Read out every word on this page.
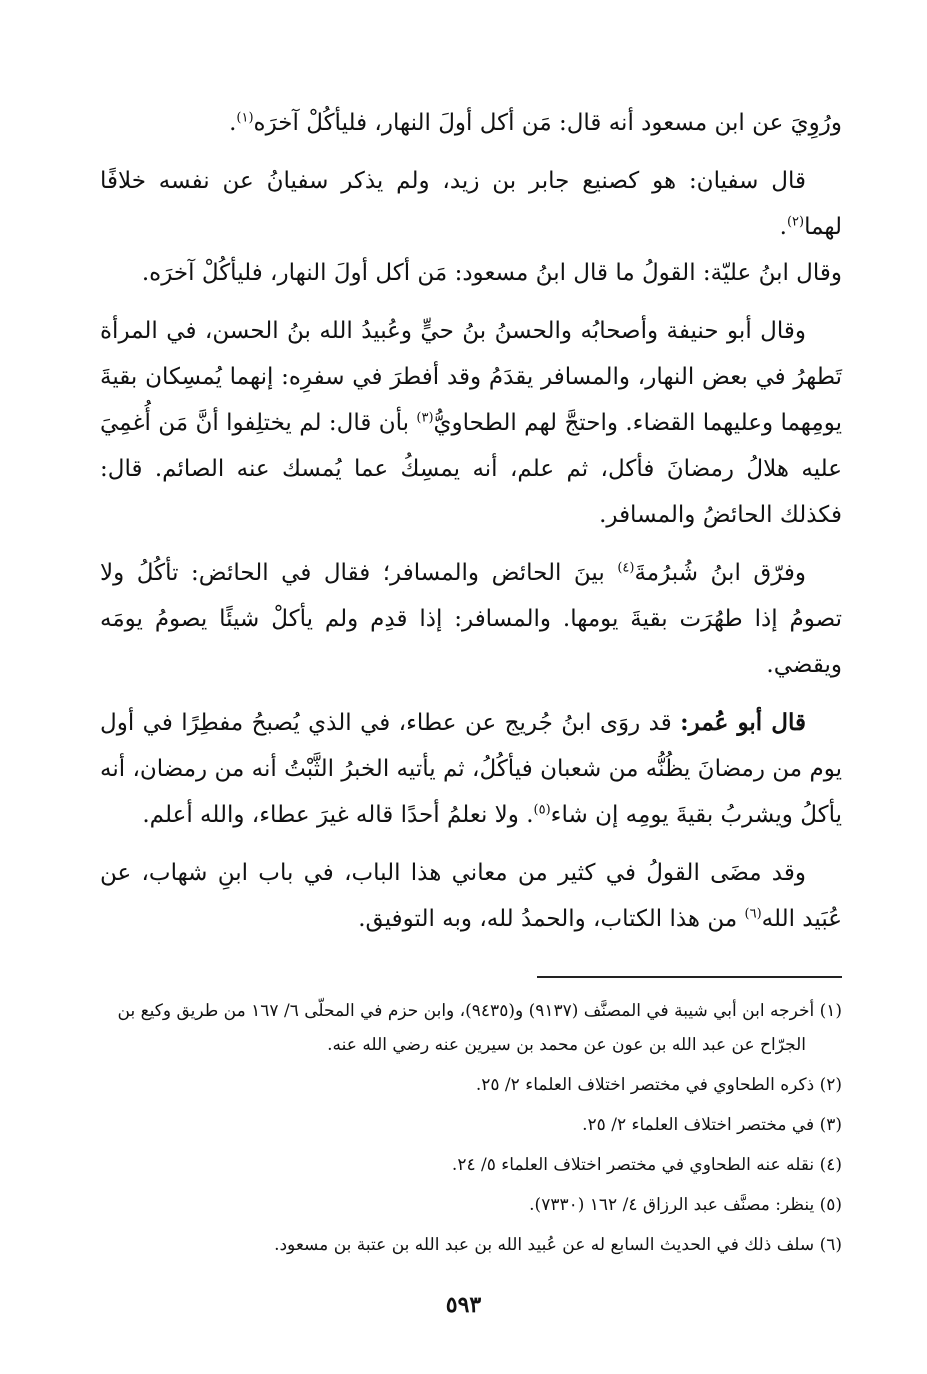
ورُوِيَ عن ابن مسعود أنه قال: مَن أكل أولَ النهار، فليأكُلْ آخرَه$^{(١)}$.

قال سفيان: هو كصنيع جابر بن زيد، ولم يذكر سفيانُ عن نفسه خلافًا لهما$^{(٢)}$.

وقال ابنُ عليّة: القولُ ما قال ابنُ مسعود: مَن أكل أولَ النهار، فليأكُلْ آخرَه.

وقال أبو حنيفة وأصحابُه والحسنُ بنُ حيٍّ وعُبيدُ الله بنُ الحسن، في المرأة تَطهرُ في بعض النهار، والمسافر يقدَمُ وقد أفطرَ في سفرِه: إنهما يُمسِكان بقيةَ يومِهما وعليهما القضاء. واحتجَّ لهم الطحاويُّ$^{(٣)}$ بأن قال: لم يختلِفوا أنَّ مَن أُغمِيَ عليه هلالُ رمضانَ فأكل، ثم علم، أنه يمسِكُ عما يُمسك عنه الصائم. قال: فكذلك الحائضُ والمسافر.

وفرّق ابنُ شُبرُمةَ$^{(٤)}$ بينَ الحائض والمسافر؛ فقال في الحائض: تأكُلُ ولا تصومُ إذا طهُرَت بقيةَ يومها. والمسافر: إذا قدِم ولم يأكلْ شيئًا يصومُ يومَه ويقضي.

قال أبو عُمر: قد روَى ابنُ جُريج عن عطاء، في الذي يُصبحُ مفطِرًا في أول يوم من رمضانَ يظُنُّه من شعبان فيأكُلُ، ثم يأتيه الخبرُ الثَّبْتُ أنه من رمضان، أنه يأكلُ ويشربُ بقيةَ يومِه إن شاء$^{(٥)}$. ولا نعلمُ أحدًا قاله غيرَ عطاء، والله أعلم.

وقد مضَى القولُ في كثير من معاني هذا الباب، في باب ابنِ شهاب، عن عُبَيد الله$^{(٦)}$ من هذا الكتاب، والحمدُ لله، وبه التوفيق.

(١) أخرجه ابن أبي شيبة في المصنَّف (٩١٣٧) و(٩٤٣٥)، وابن حزم في المحلّى ٦/ ١٦٧ من طريق وكيع بن الجرّاح عن عبد الله بن عون عن محمد بن سيرين عنه رضي الله عنه.

(٢) ذكره الطحاوي في مختصر اختلاف العلماء ٢/ ٢٥.

(٣) في مختصر اختلاف العلماء ٢/ ٢٥.

(٤) نقله عنه الطحاوي في مختصر اختلاف العلماء ٥/ ٢٤.

(٥) ينظر: مصنَّف عبد الرزاق ٤/ ١٦٢ (٧٣٣٠).

(٦) سلف ذلك في الحديث السابع له عن عُبيد الله بن عبد الله بن عتبة بن مسعود.

٥٩٣
